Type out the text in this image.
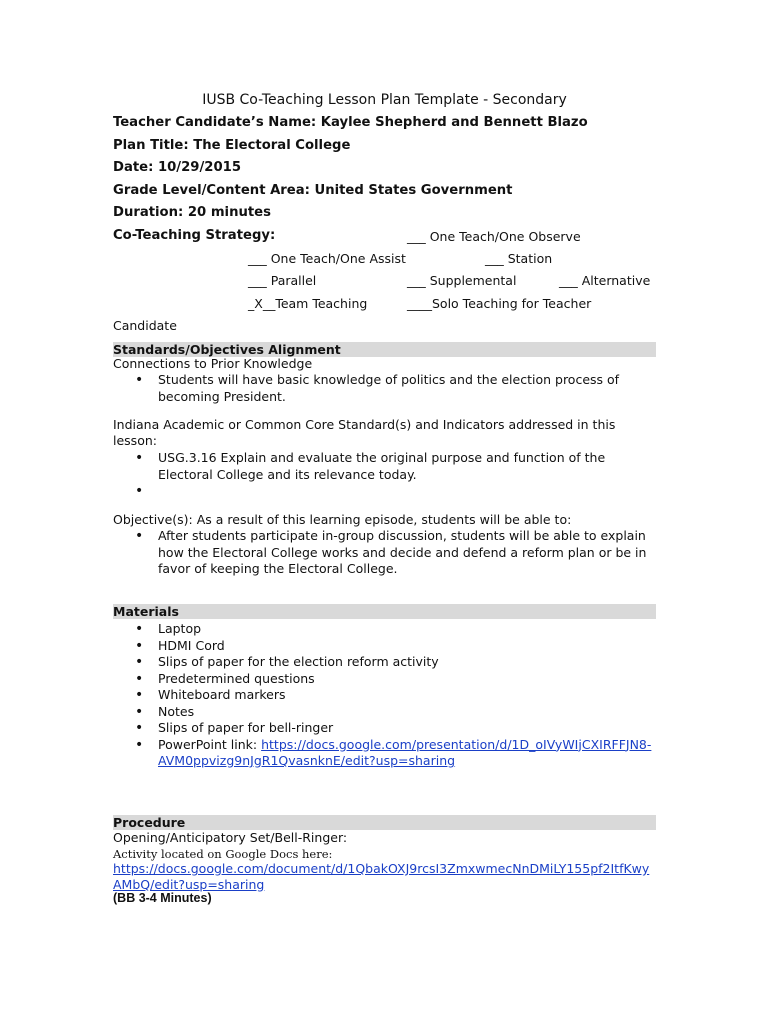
IUSB Co-Teaching Lesson Plan Template - Secondary
Teacher Candidate’s Name: Kaylee Shepherd and Bennett Blazo
Plan Title: The Electoral College
Date: 10/29/2015
Grade Level/Content Area: United States Government
Duration: 20 minutes
Co-Teaching Strategy:	___ One Teach/One Observe
___ One Teach/One Assist	___ Station
___ Parallel	___ Supplemental	___ Alternative
_X__Team Teaching	____Solo Teaching for Teacher
Candidate
Standards/Objectives Alignment
Connections to Prior Knowledge
• Students will have basic knowledge of politics and the election process of becoming President.
Indiana Academic or Common Core Standard(s) and Indicators addressed in this lesson:
• USG.3.16 Explain and evaluate the original purpose and function of the Electoral College and its relevance today.
•
Objective(s): As a result of this learning episode, students will be able to:
• After students participate in-group discussion, students will be able to explain how the Electoral College works and decide and defend a reform plan or be in favor of keeping the Electoral College.
Materials
• Laptop
• HDMI Cord
• Slips of paper for the election reform activity
• Predetermined questions
• Whiteboard markers
• Notes
• Slips of paper for bell-ringer
• PowerPoint link: https://docs.google.com/presentation/d/1D_oIVyWIjCXIRFFJN8-AVM0ppvizg9nJgR1QvasnknE/edit?usp=sharing
Procedure
Opening/Anticipatory Set/Bell-Ringer:
Activity located on Google Docs here:
https://docs.google.com/document/d/1QbakOXJ9rcsI3ZmxwmecNnDMiLY155pf2ItfKwyAMbQ/edit?usp=sharing
(BB 3-4 Minutes)
